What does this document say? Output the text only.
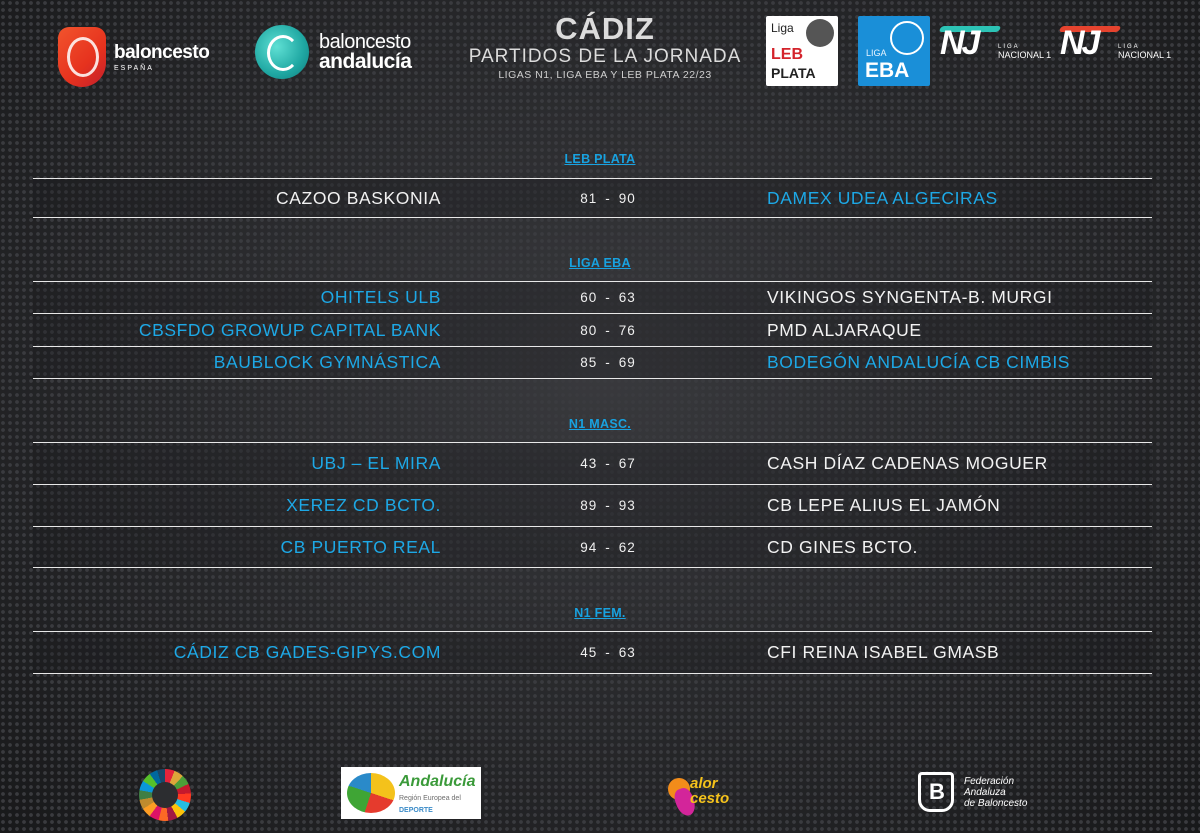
baloncesto
ESPAÑA
baloncesto
andalucía
CÁDIZ
PARTIDOS DE LA JORNADA
LIGAS N1, LIGA EBA Y LEB PLATA 22/23
Liga
LEB
PLATA
LIGA
EBA
NJ	LIGA
NACIONAL 1 NJ	LIGA
NACIONAL 1
LEB PLATA
CAZOO BASKONIA	81 - 90	DAMEX UDEA ALGECIRAS
LIGA EBA
OHITELS ULB	60 - 63	VIKINGOS SYNGENTA-B. MURGI
CBSFDO GROWUP CAPITAL BANK	80 - 76	PMD ALJARAQUE
BAUBLOCK GYMNÁSTICA	85 - 69	BODEGÓN ANDALUCÍA CB CIMBIS
N1 MASC.
UBJ – EL MIRA	43 - 67	CASH DÍAZ CADENAS MOGUER
XEREZ CD BCTO.	89 - 93	CB LEPE ALIUS EL JAMÓN
CB PUERTO REAL	94 - 62	CD GINES BCTO.
N1 FEM.
CÁDIZ CB GADES-GIPYS.COM	45 - 63	CFI REINA ISABEL GMASB
Andalucía
Región Europea del
DEPORTE
alor cesto
B
Federación
Andaluza
de Baloncesto
